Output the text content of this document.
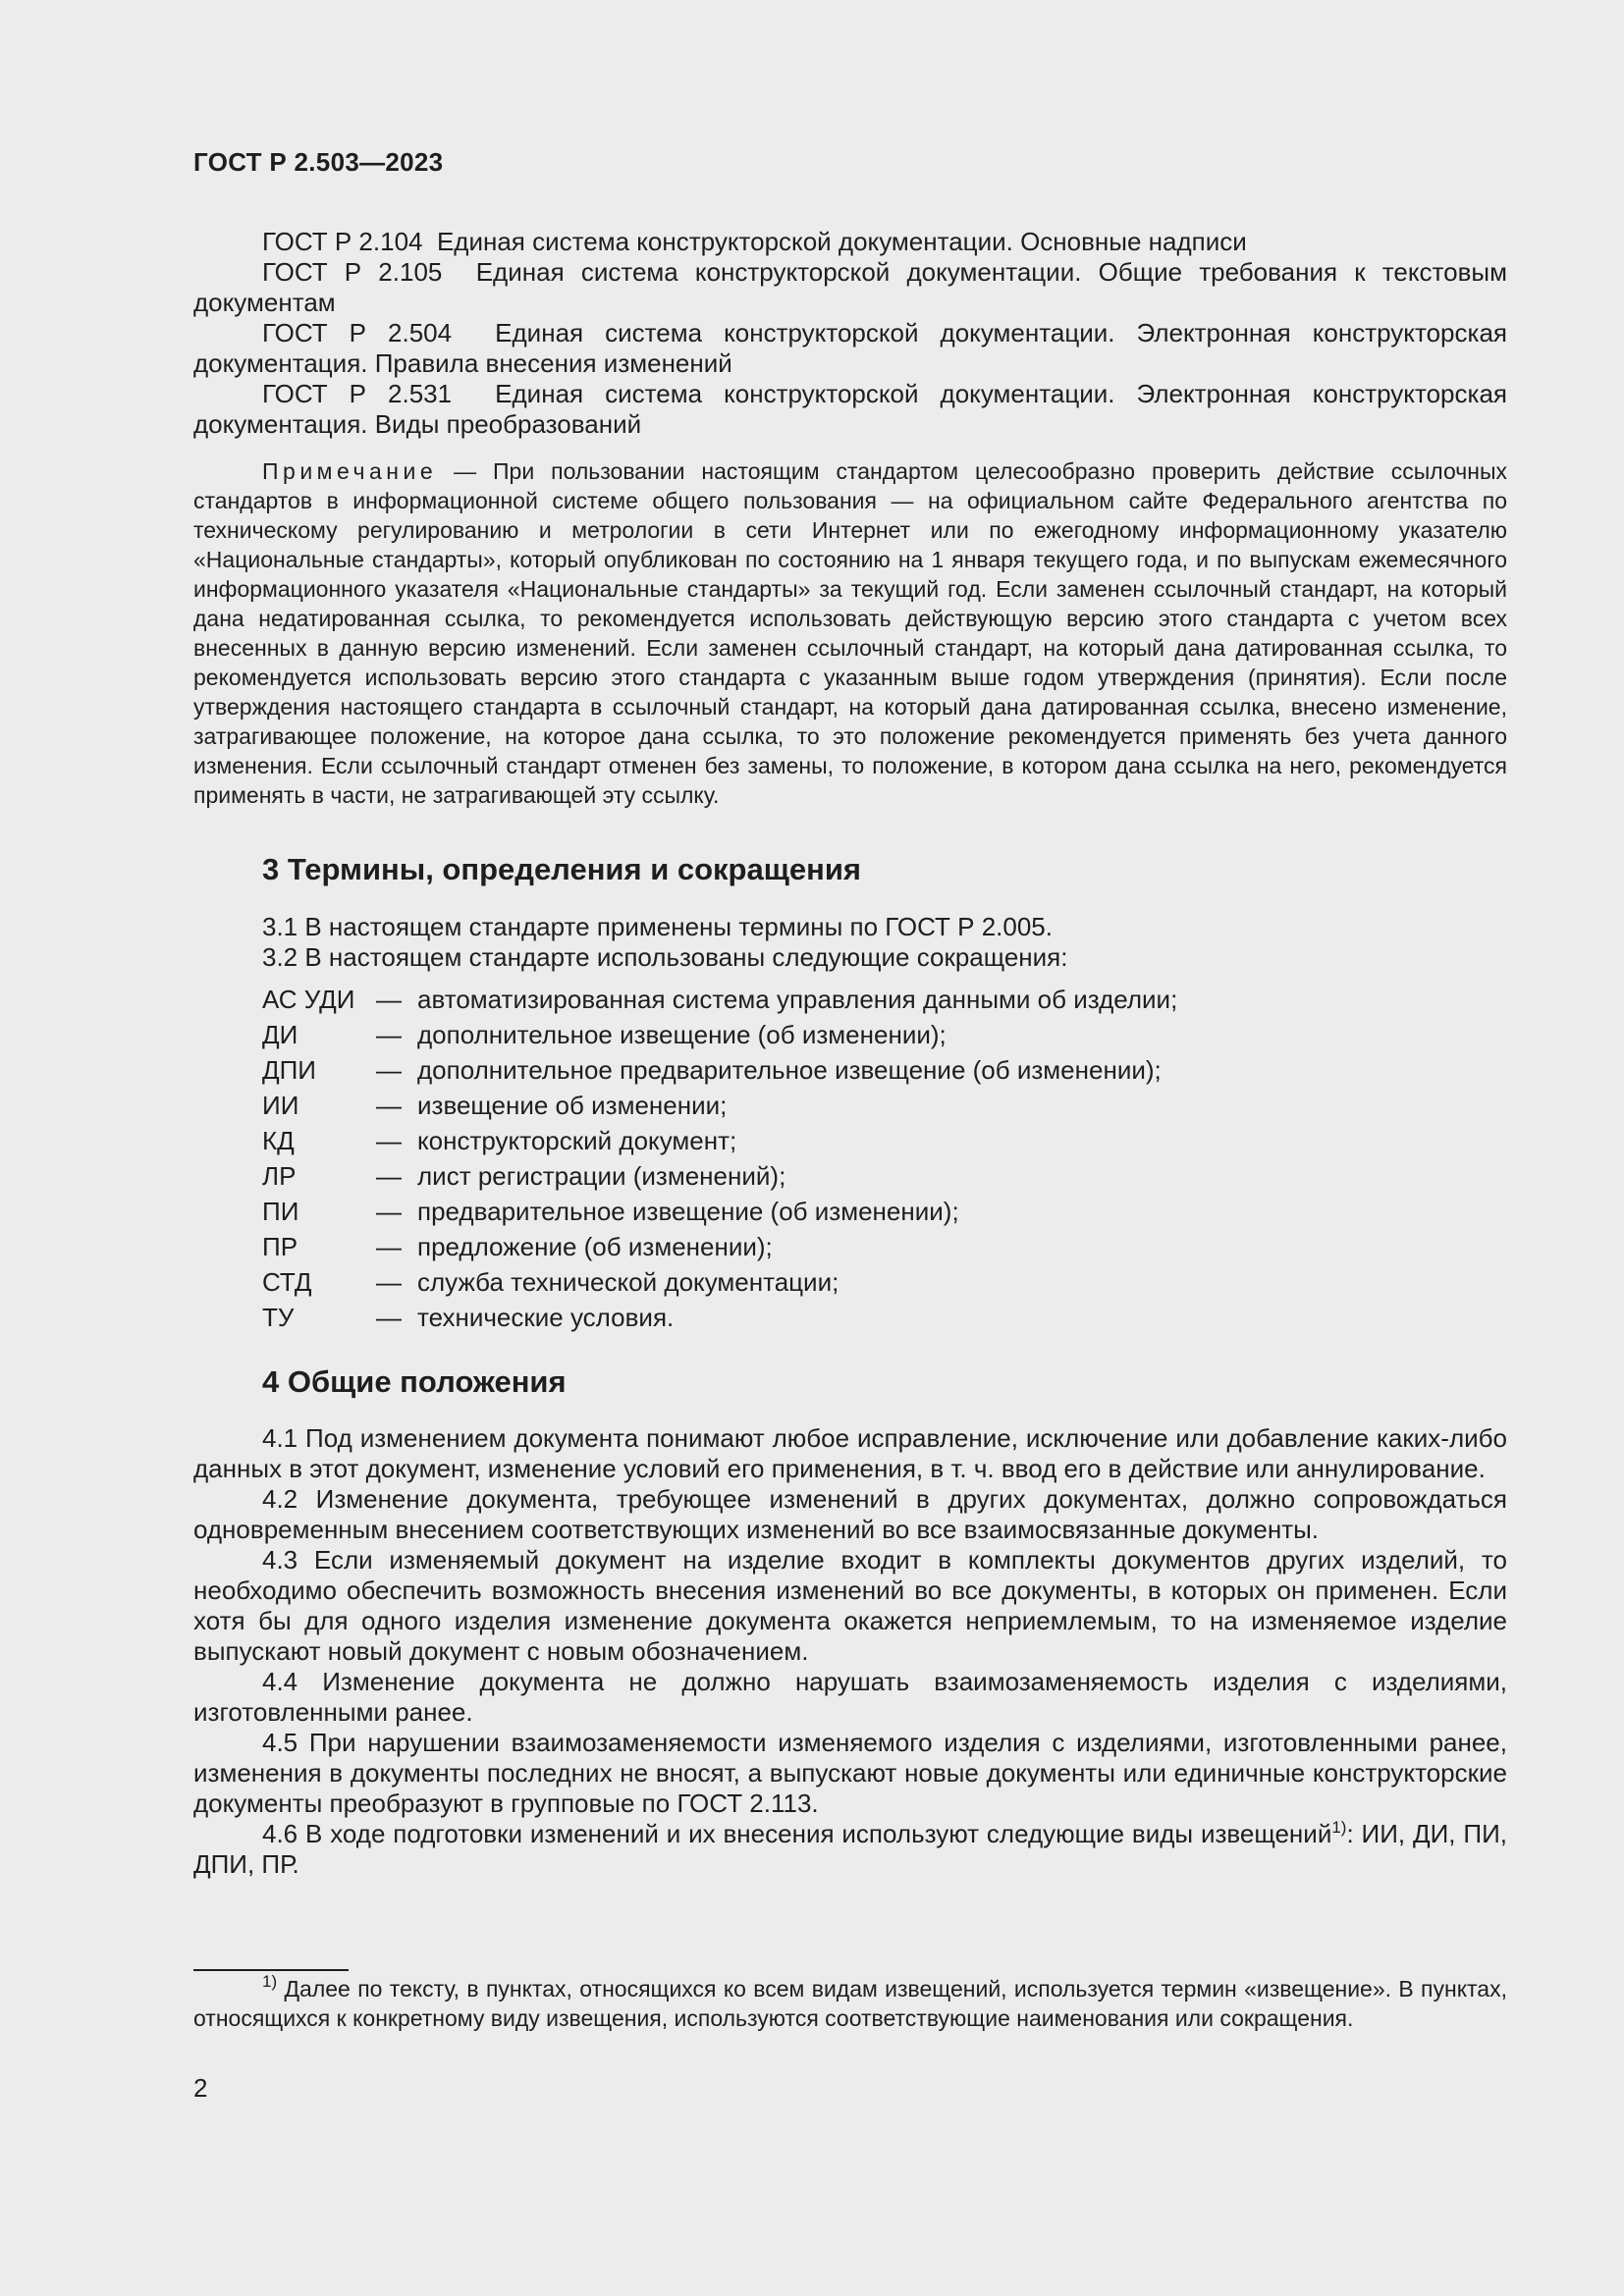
ГОСТ Р 2.503—2023
ГОСТ Р 2.104 Единая система конструкторской документации. Основные надписи
ГОСТ Р 2.105 Единая система конструкторской документации. Общие требования к текстовым документам
ГОСТ Р 2.504 Единая система конструкторской документации. Электронная конструкторская документация. Правила внесения изменений
ГОСТ Р 2.531 Единая система конструкторской документации. Электронная конструкторская документация. Виды преобразований
Примечание — При пользовании настоящим стандартом целесообразно проверить действие ссылочных стандартов в информационной системе общего пользования — на официальном сайте Федерального агентства по техническому регулированию и метрологии в сети Интернет или по ежегодному информационному указателю «Национальные стандарты», который опубликован по состоянию на 1 января текущего года, и по выпускам ежемесячного информационного указателя «Национальные стандарты» за текущий год. Если заменен ссылочный стандарт, на который дана недатированная ссылка, то рекомендуется использовать действующую версию этого стандарта с учетом всех внесенных в данную версию изменений. Если заменен ссылочный стандарт, на который дана датированная ссылка, то рекомендуется использовать версию этого стандарта с указанным выше годом утверждения (принятия). Если после утверждения настоящего стандарта в ссылочный стандарт, на который дана датированная ссылка, внесено изменение, затрагивающее положение, на которое дана ссылка, то это положение рекомендуется применять без учета данного изменения. Если ссылочный стандарт отменен без замены, то положение, в котором дана ссылка на него, рекомендуется применять в части, не затрагивающей эту ссылку.
3 Термины, определения и сокращения
3.1 В настоящем стандарте применены термины по ГОСТ Р 2.005.
3.2 В настоящем стандарте использованы следующие сокращения:
АС УДИ — автоматизированная система управления данными об изделии;
ДИ	— дополнительное извещение (об изменении);
ДПИ	— дополнительное предварительное извещение (об изменении);
ИИ	— извещение об изменении;
КД	— конструкторский документ;
ЛР	— лист регистрации (изменений);
ПИ	— предварительное извещение (об изменении);
ПР	— предложение (об изменении);
СТД	— служба технической документации;
ТУ	— технические условия.
4 Общие положения
4.1 Под изменением документа понимают любое исправление, исключение или добавление каких-либо данных в этот документ, изменение условий его применения, в т. ч. ввод его в действие или аннулирование.
4.2 Изменение документа, требующее изменений в других документах, должно сопровождаться одновременным внесением соответствующих изменений во все взаимосвязанные документы.
4.3 Если изменяемый документ на изделие входит в комплекты документов других изделий, то необходимо обеспечить возможность внесения изменений во все документы, в которых он применен. Если хотя бы для одного изделия изменение документа окажется неприемлемым, то на изменяемое изделие выпускают новый документ с новым обозначением.
4.4 Изменение документа не должно нарушать взаимозаменяемость изделия с изделиями, изготовленными ранее.
4.5 При нарушении взаимозаменяемости изменяемого изделия с изделиями, изготовленными ранее, изменения в документы последних не вносят, а выпускают новые документы или единичные конструкторские документы преобразуют в групповые по ГОСТ 2.113.
4.6 В ходе подготовки изменений и их внесения используют следующие виды извещений$^{1)}$: ИИ, ДИ, ПИ, ДПИ, ПР.
$^{1)}$ Далее по тексту, в пунктах, относящихся ко всем видам извещений, используется термин «извещение». В пунктах, относящихся к конкретному виду извещения, используются соответствующие наименования или сокращения.
2
